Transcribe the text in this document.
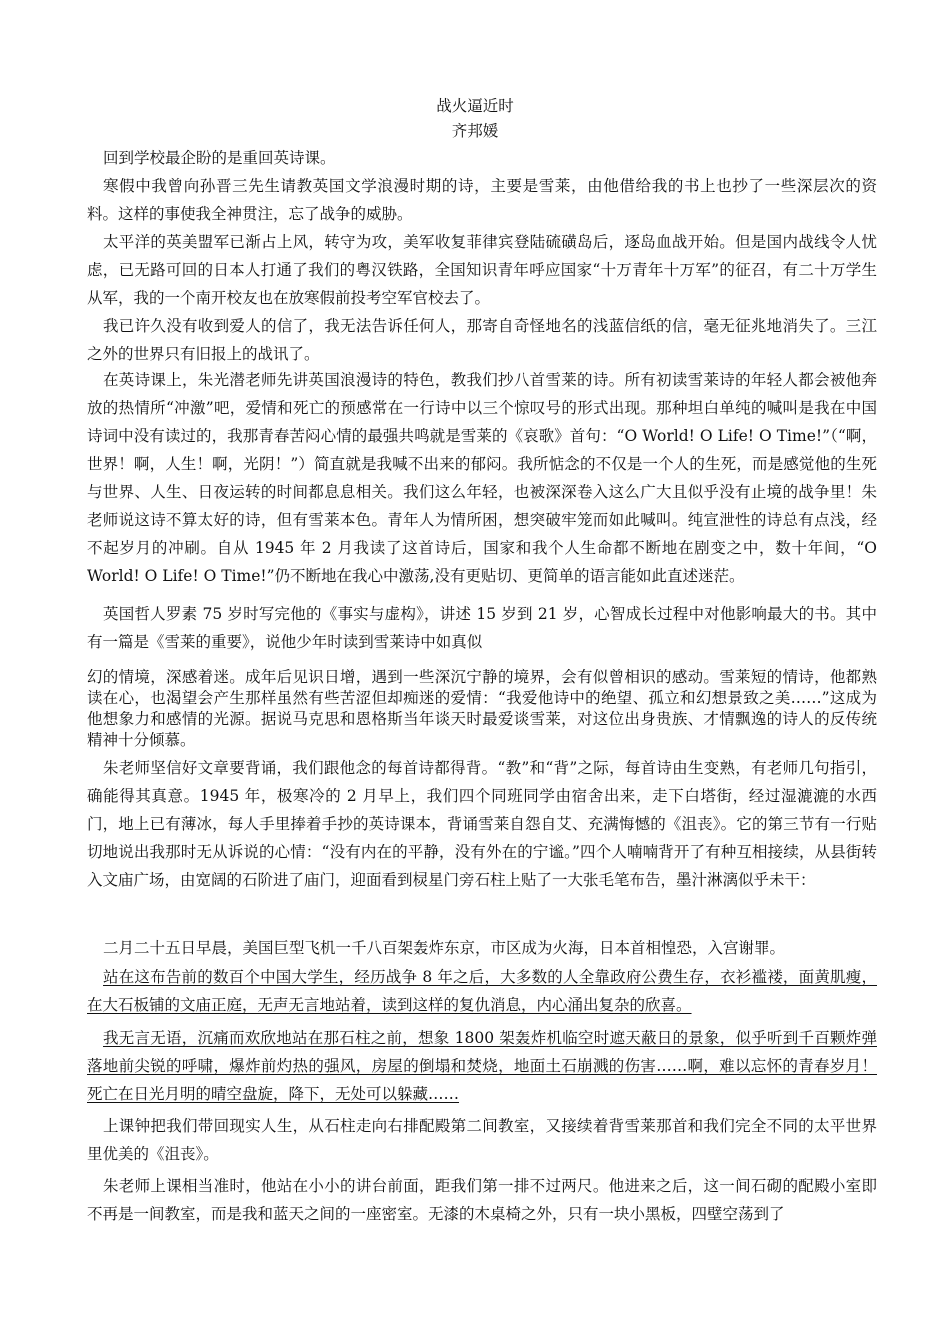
战火逼近时
齐邦媛
回到学校最企盼的是重回英诗课。
寒假中我曾向孙晋三先生请教英国文学浪漫时期的诗，主要是雪莱，由他借给我的书上也抄了一些深层次的资料。这样的事使我全神贯注，忘了战争的威胁。
太平洋的英美盟军已渐占上风，转守为攻，美军收复菲律宾登陆硫磺岛后，逐岛血战开始。但是国内战线令人忧虑，已无路可回的日本人打通了我们的粤汉铁路，全国知识青年呼应国家“十万青年十万军”的征召，有二十万学生从军，我的一个南开校友也在放寒假前投考空军官校去了。
我已许久没有收到爱人的信了，我无法告诉任何人，那寄自奇怪地名的浅蓝信纸的信，毫无征兆地消失了。三江之外的世界只有旧报上的战讯了。
在英诗课上，朱光潜老师先讲英国浪漫诗的特色，教我们抄八首雪莱的诗。所有初读雪莱诗的年轻人都会被他奔放的热情所“冲激”吧，爱情和死亡的预感常在一行诗中以三个惊叹号的形式出现。那种坦白单纯的喊叫是我在中国诗词中没有读过的，我那青春苦闷心情的最强共鸣就是雪莱的《哀歌》首句：“O World! O Life! O Time!”（“啊，世界！啊，人生！啊，光阴！”）简直就是我喊不出来的郁闷。我所惦念的不仅是一个人的生死，而是感觉他的生死与世界、人生、日夜运转的时间都息息相关。我们这么年轻，也被深深卷入这么广大且似乎没有止境的战争里！朱老师说这诗不算太好的诗，但有雪莱本色。青年人为情所困，想突破牢笼而如此喊叫。纯宣泄性的诗总有点浅，经不起岁月的冲刷。自从 1945 年 2 月我读了这首诗后，国家和我个人生命都不断地在剧变之中，数十年间，“O World! O Life! O Time!”仍不断地在我心中激荡,没有更贴切、更简单的语言能如此直述迷茫。
英国哲人罗素 75 岁时写完他的《事实与虚构》，讲述 15 岁到 21 岁，心智成长过程中对他影响最大的书。其中有一篇是《雪莱的重要》，说他少年时读到雪莱诗中如真似
幻的情境，深感着迷。成年后见识日增，遇到一些深沉宁静的境界，会有似曾相识的感动。雪莱短的情诗，他都熟读在心，也渴望会产生那样虽然有些苦涩但却痴迷的爱情：“我爱他诗中的绝望、孤立和幻想景致之美……”这成为他想象力和感情的光源。据说马克思和恩格斯当年谈天时最爱谈雪莱，对这位出身贵族、才情飘逸的诗人的反传统精神十分倾慕。
朱老师坚信好文章要背诵，我们跟他念的每首诗都得背。“教”和“背”之际，每首诗由生变熟，有老师几句指引，确能得其真意。1945 年，极寒冷的 2 月早上，我们四个同班同学由宿舍出来，走下白塔街，经过湿漉漉的水西门，地上已有薄冰，每人手里捧着手抄的英诗课本，背诵雪莱自怨自艾、充满悔憾的《沮丧》。它的第三节有一行贴切地说出我那时无从诉说的心情：“没有内在的平静，没有外在的宁谧。”四个人喃喃背开了有种互相接续，从县街转入文庙广场，由宽阔的石阶进了庙门，迎面看到棂星门旁石柱上贴了一大张毛笔布告，墨汁淋漓似乎未干：
二月二十五日早晨，美国巨型飞机一千八百架轰炸东京，市区成为火海，日本首相惶恐，入宫谢罪。
站在这布告前的数百个中国大学生，经历战争 8 年之后，大多数的人全靠政府公费生存，衣衫褴褛，面黄肌瘦，在大石板铺的文庙正庭，无声无言地站着，读到这样的复仇消息，内心涌出复杂的欣喜。
我无言无语，沉痛而欢欣地站在那石柱之前，想象 1800 架轰炸机临空时遮天蔽日的景象，似乎听到千百颗炸弹落地前尖锐的呼啸，爆炸前灼热的强风，房屋的倒塌和焚烧，地面土石崩溅的伤害……啊，难以忘怀的青春岁月！死亡在日光月明的晴空盘旋，降下，无处可以躲藏……
上课钟把我们带回现实人生，从石柱走向右排配殿第二间教室，又接续着背雪莱那首和我们完全不同的太平世界里优美的《沮丧》。
朱老师上课相当准时，他站在小小的讲台前面，距我们第一排不过两尺。他进来之后，这一间石砌的配殿小室即不再是一间教室，而是我和蓝天之间的一座密室。无漆的木桌椅之外，只有一块小黑板，四壁空荡到了
